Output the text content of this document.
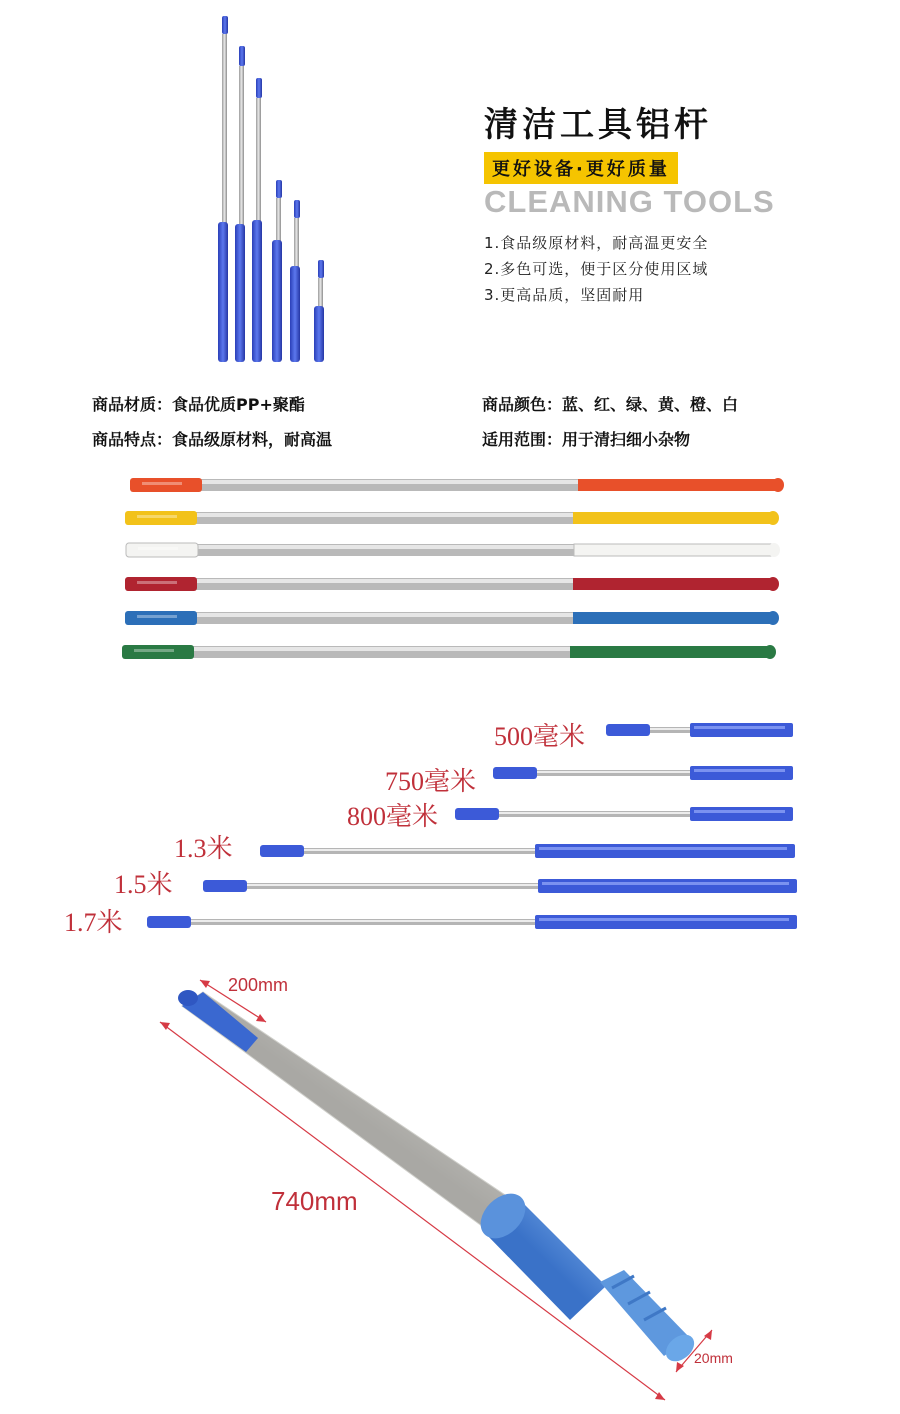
清洁工具铝杆
更好设备·更好质量
CLEANING TOOLS
1.食品级原材料，耐高温更安全
2.多色可选，便于区分使用区域
3.更高品质，坚固耐用
商品材质：食品优质PP+聚酯	商品颜色：蓝、红、绿、黄、橙、白
商品特点：食品级原材料，耐高温	适用范围：用于清扫细小杂物
500毫米
750毫米
800毫米
1.3米
1.5米
1.7米
200mm
740mm
20mm
